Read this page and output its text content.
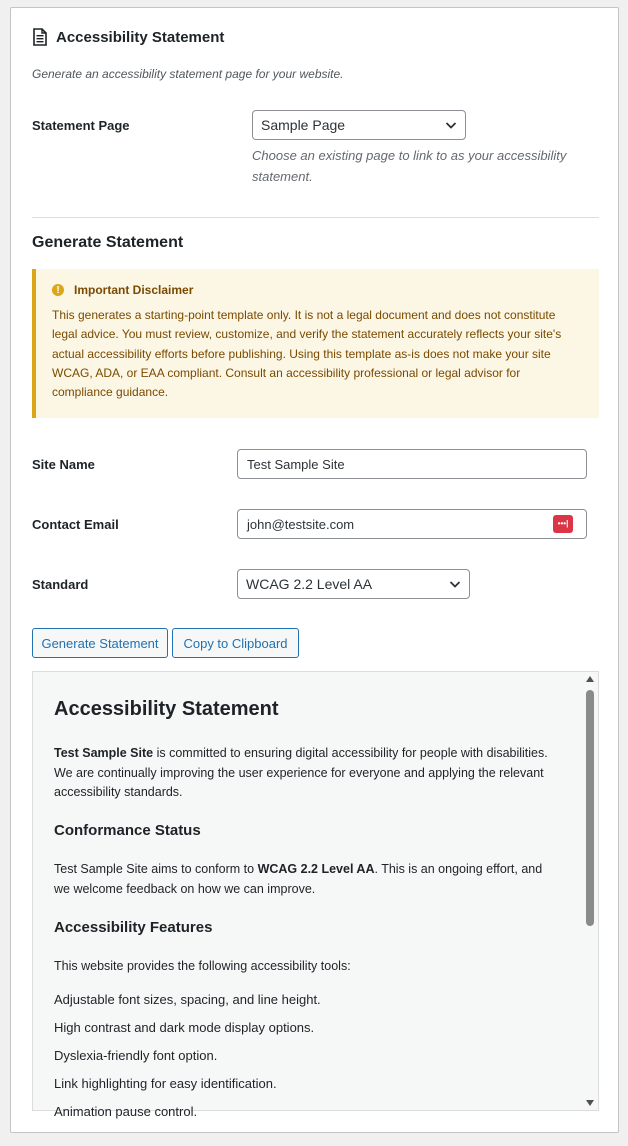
Accessibility Statement
Generate an accessibility statement page for your website.
Statement Page	Sample Page
Choose an existing page to link to as your accessibility statement.
Generate Statement
!	Important Disclaimer

This generates a starting-point template only. It is not a legal document and does not constitute legal advice. You must review, customize, and verify the statement accurately reflects your site's actual accessibility efforts before publishing. Using this template as-is does not make your site WCAG, ADA, or EAA compliant. Consult an accessibility professional or legal advisor for compliance guidance.

Site Name	Test Sample Site
Contact Email	john@testsite.com	•••|
Standard	WCAG 2.2 Level AA
Generate Statement	Copy to Clipboard
Accessibility Statement
Test Sample Site is committed to ensuring digital accessibility for people with disabilities. We are continually improving the user experience for everyone and applying the relevant accessibility standards.
Conformance Status
Test Sample Site aims to conform to WCAG 2.2 Level AA. This is an ongoing effort, and we welcome feedback on how we can improve.
Accessibility Features
This website provides the following accessibility tools:
Adjustable font sizes, spacing, and line height.
High contrast and dark mode display options.
Dyslexia-friendly font option.
Link highlighting for easy identification.
Animation pause control.
